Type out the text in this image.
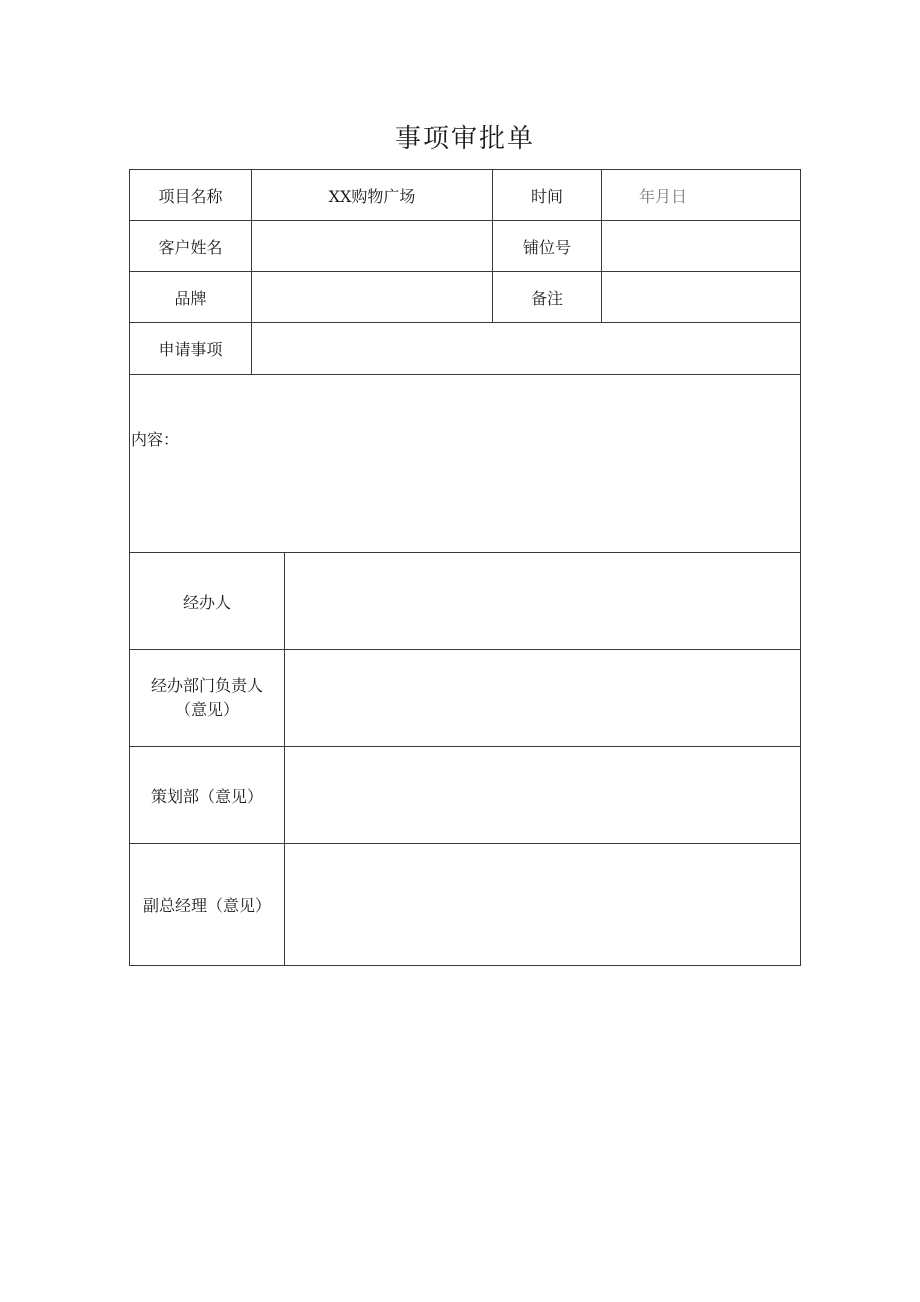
事项审批单
项目名称	XX购物广场		时间	年月日
客户姓名			铺位号	
品牌			备注	
申请事项				

内容：				

经办人				

经办部门负责人
（意见）				

策划部（意见）				
副总经理（意见）				
